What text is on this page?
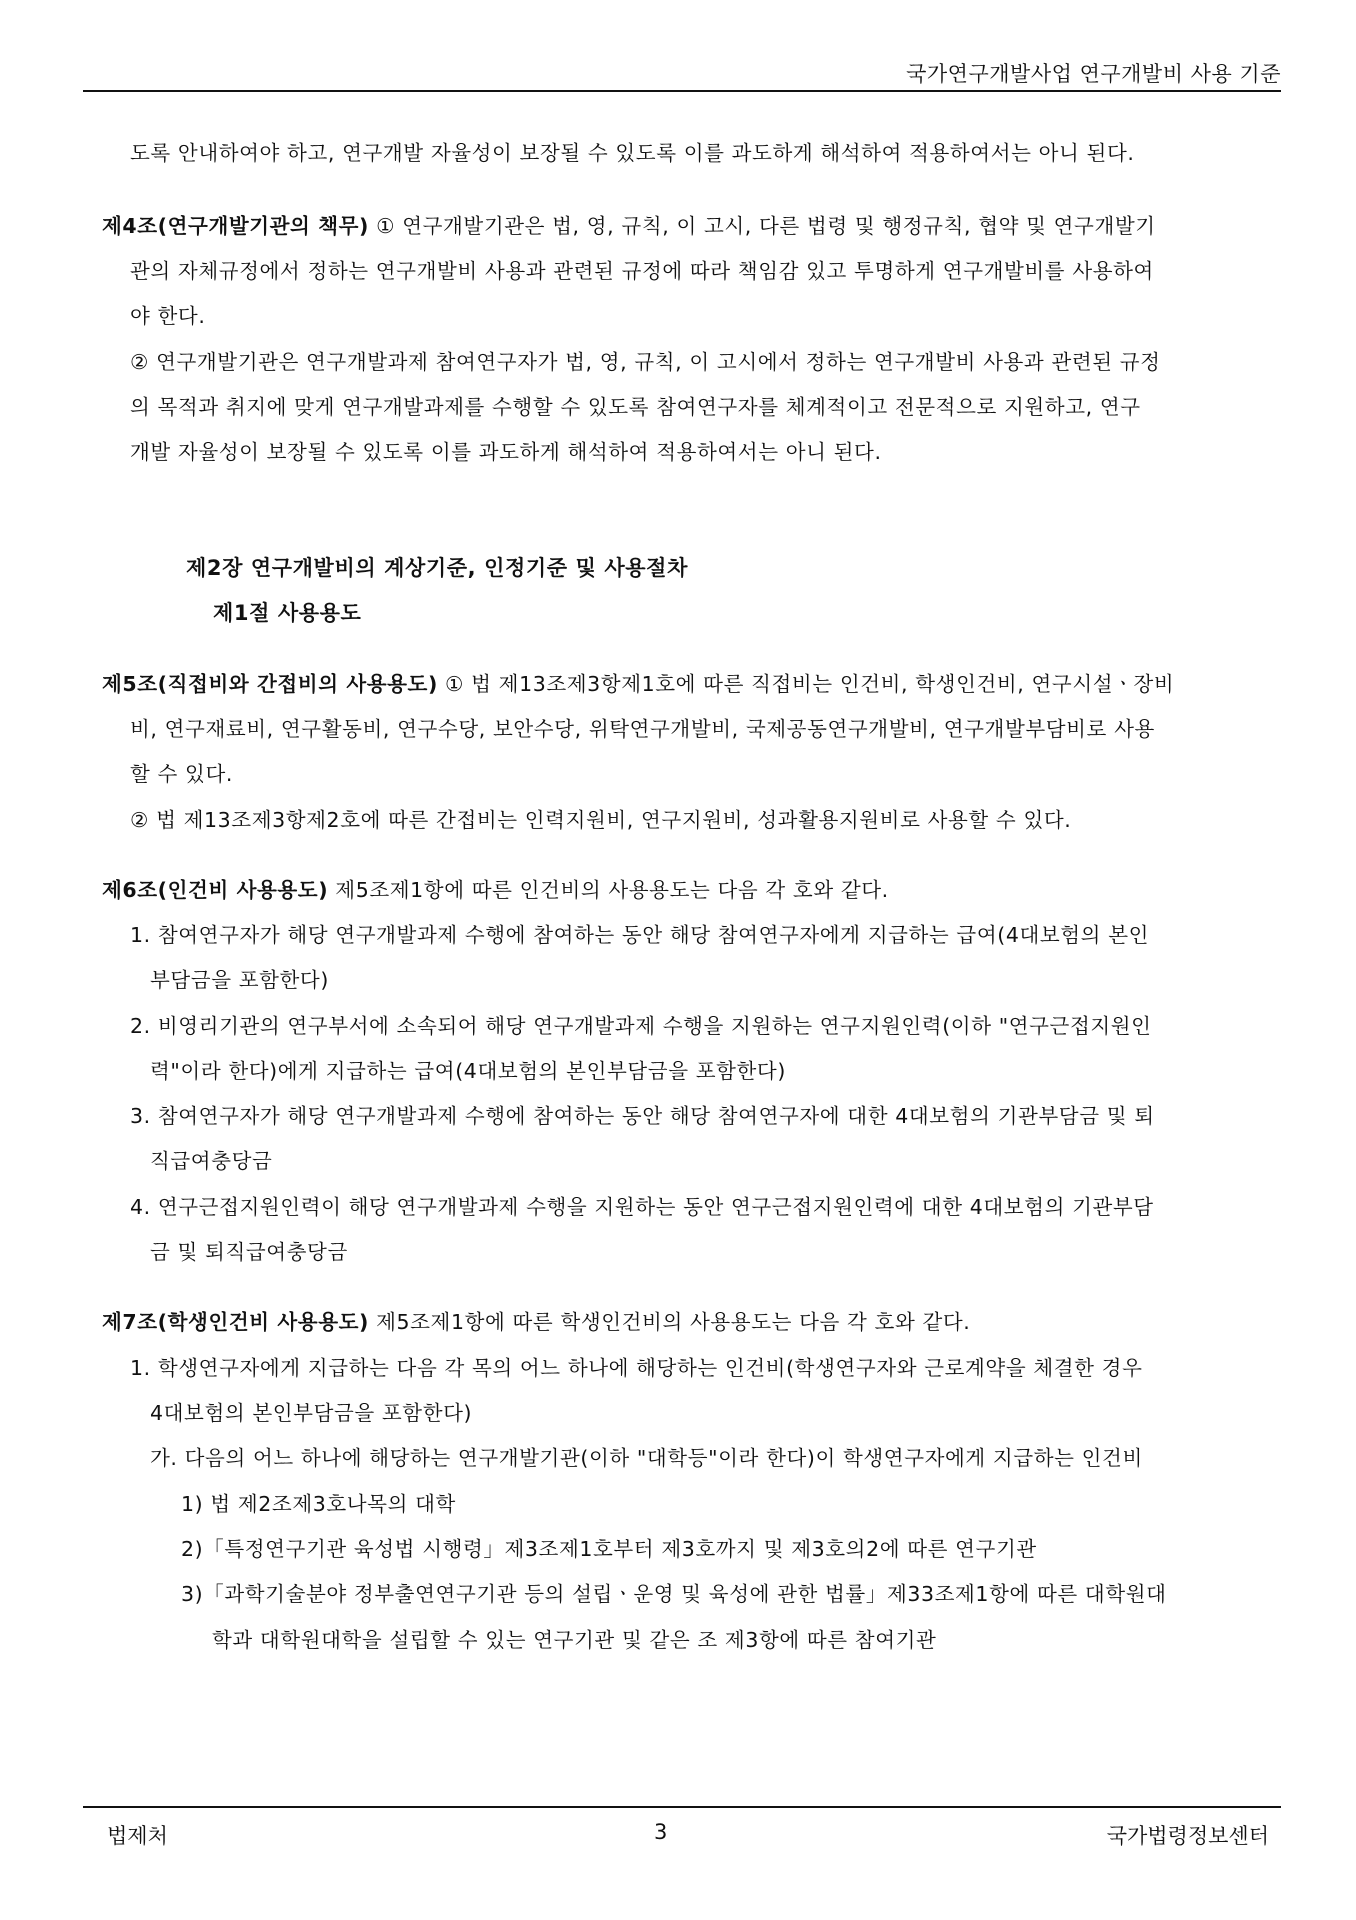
국가연구개발사업 연구개발비 사용 기준
도록 안내하여야 하고, 연구개발 자율성이 보장될 수 있도록 이를 과도하게 해석하여 적용하여서는 아니 된다.
제4조(연구개발기관의 책무) ① 연구개발기관은 법, 영, 규칙, 이 고시, 다른 법령 및 행정규칙, 협약 및 연구개발기
관의 자체규정에서 정하는 연구개발비 사용과 관련된 규정에 따라 책임감 있고 투명하게 연구개발비를 사용하여
야 한다.
② 연구개발기관은 연구개발과제 참여연구자가 법, 영, 규칙, 이 고시에서 정하는 연구개발비 사용과 관련된 규정
의 목적과 취지에 맞게 연구개발과제를 수행할 수 있도록 참여연구자를 체계적이고 전문적으로 지원하고, 연구
개발 자율성이 보장될 수 있도록 이를 과도하게 해석하여 적용하여서는 아니 된다.
제2장 연구개발비의 계상기준, 인정기준 및 사용절차
제1절 사용용도
제5조(직접비와 간접비의 사용용도) ① 법 제13조제3항제1호에 따른 직접비는 인건비, 학생인건비, 연구시설ㆍ장비
비, 연구재료비, 연구활동비, 연구수당, 보안수당, 위탁연구개발비, 국제공동연구개발비, 연구개발부담비로 사용
할 수 있다.
② 법 제13조제3항제2호에 따른 간접비는 인력지원비, 연구지원비, 성과활용지원비로 사용할 수 있다.
제6조(인건비 사용용도) 제5조제1항에 따른 인건비의 사용용도는 다음 각 호와 같다.
1. 참여연구자가 해당 연구개발과제 수행에 참여하는 동안 해당 참여연구자에게 지급하는 급여(4대보험의 본인
부담금을 포함한다)
2. 비영리기관의 연구부서에 소속되어 해당 연구개발과제 수행을 지원하는 연구지원인력(이하 "연구근접지원인
력"이라 한다)에게 지급하는 급여(4대보험의 본인부담금을 포함한다)
3. 참여연구자가 해당 연구개발과제 수행에 참여하는 동안 해당 참여연구자에 대한 4대보험의 기관부담금 및 퇴
직급여충당금
4. 연구근접지원인력이 해당 연구개발과제 수행을 지원하는 동안 연구근접지원인력에 대한 4대보험의 기관부담
금 및 퇴직급여충당금
제7조(학생인건비 사용용도) 제5조제1항에 따른 학생인건비의 사용용도는 다음 각 호와 같다.
1. 학생연구자에게 지급하는 다음 각 목의 어느 하나에 해당하는 인건비(학생연구자와 근로계약을 체결한 경우
4대보험의 본인부담금을 포함한다)
가. 다음의 어느 하나에 해당하는 연구개발기관(이하 "대학등"이라 한다)이 학생연구자에게 지급하는 인건비
1) 법 제2조제3호나목의 대학
2)「특정연구기관 육성법 시행령」제3조제1호부터 제3호까지 및 제3호의2에 따른 연구기관
3)「과학기술분야 정부출연연구기관 등의 설립ㆍ운영 및 육성에 관한 법률」제33조제1항에 따른 대학원대
학과 대학원대학을 설립할 수 있는 연구기관 및 같은 조 제3항에 따른 참여기관
법제처	3	국가법령정보센터
